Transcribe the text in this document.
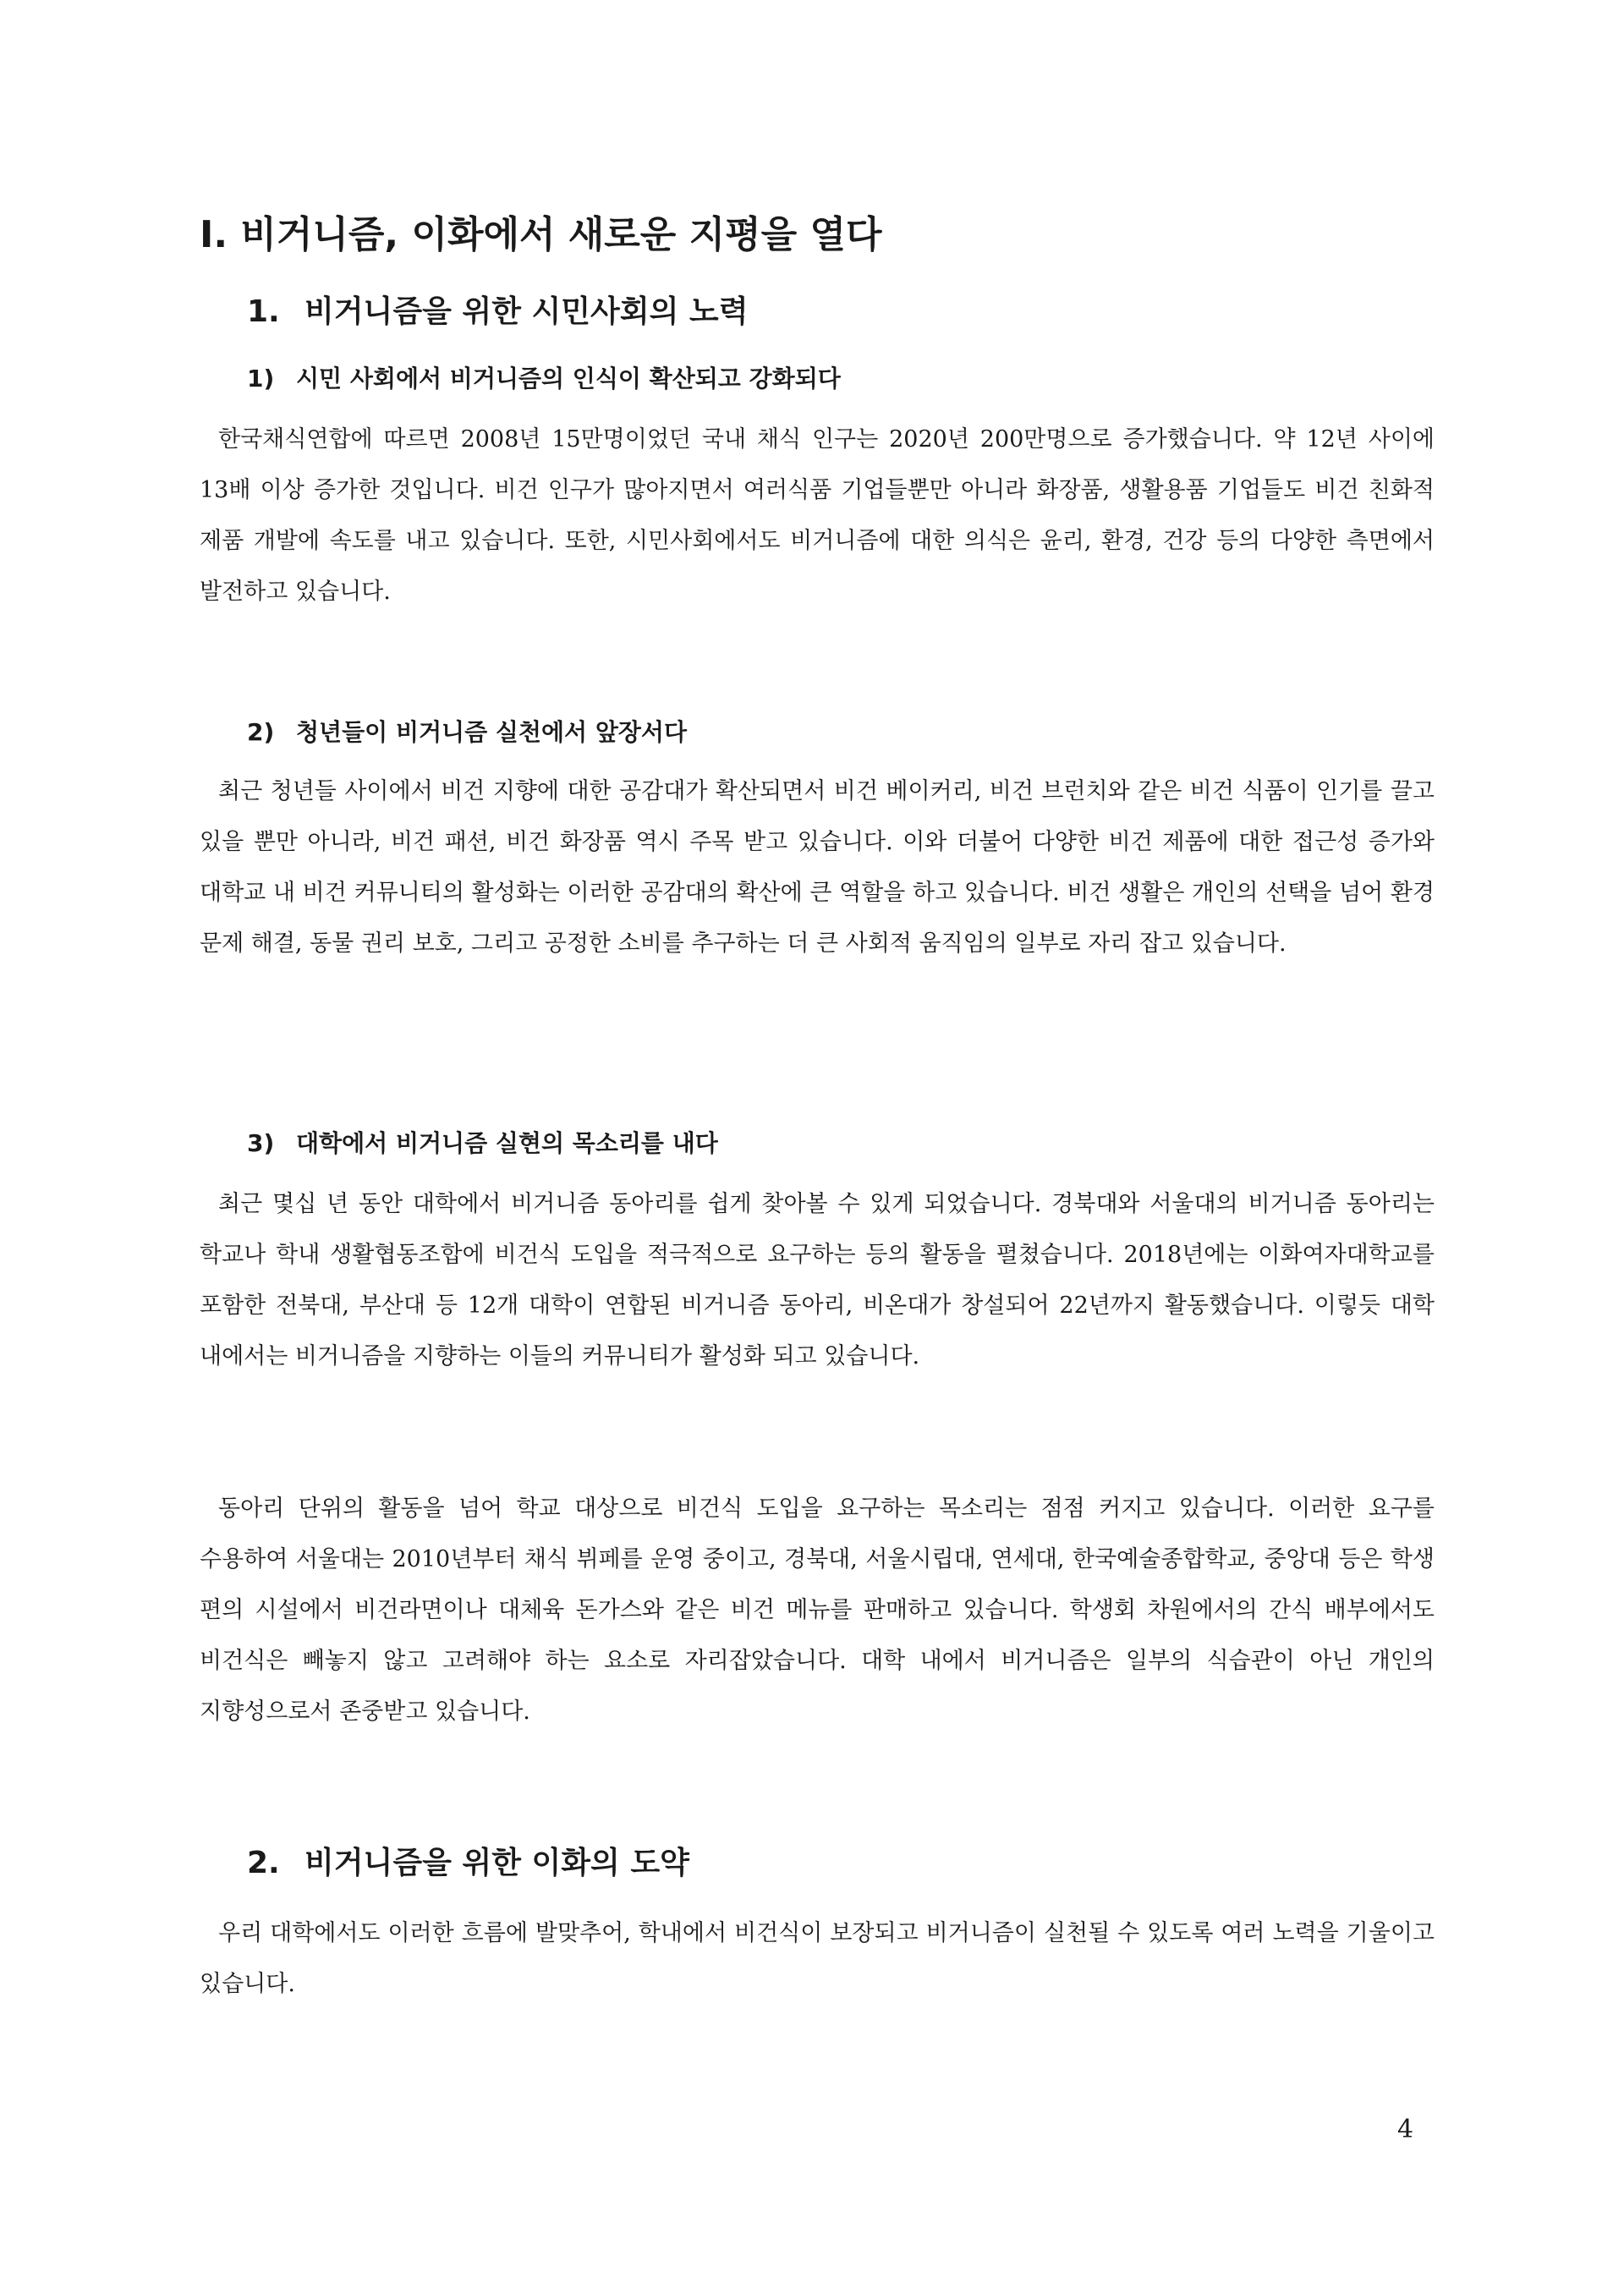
I. 비거니즘, 이화에서 새로운 지평을 열다
1. 비거니즘을 위한 시민사회의 노력
1) 시민 사회에서 비거니즘의 인식이 확산되고 강화되다

한국채식연합에 따르면 2008년 15만명이었던 국내 채식 인구는 2020년 200만명으로 증가했습니다. 약 12년 사이에 13배 이상 증가한 것입니다. 비건 인구가 많아지면서 여러식품 기업들뿐만 아니라 화장품, 생활용품 기업들도 비건 친화적 제품 개발에 속도를 내고 있습니다. 또한, 시민사회에서도 비거니즘에 대한 의식은 윤리, 환경, 건강 등의 다양한 측면에서 발전하고 있습니다.

2) 청년들이 비거니즘 실천에서 앞장서다

최근 청년들 사이에서 비건 지향에 대한 공감대가 확산되면서 비건 베이커리, 비건 브런치와 같은 비건 식품이 인기를 끌고 있을 뿐만 아니라, 비건 패션, 비건 화장품 역시 주목 받고 있습니다. 이와 더불어 다양한 비건 제품에 대한 접근성 증가와 대학교 내 비건 커뮤니티의 활성화는 이러한 공감대의 확산에 큰 역할을 하고 있습니다. 비건 생활은 개인의 선택을 넘어 환경 문제 해결, 동물 권리 보호, 그리고 공정한 소비를 추구하는 더 큰 사회적 움직임의 일부로 자리 잡고 있습니다.

3) 대학에서 비거니즘 실현의 목소리를 내다

최근 몇십 년 동안 대학에서 비거니즘 동아리를 쉽게 찾아볼 수 있게 되었습니다. 경북대와 서울대의 비거니즘 동아리는 학교나 학내 생활협동조합에 비건식 도입을 적극적으로 요구하는 등의 활동을 펼쳤습니다. 2018년에는 이화여자대학교를 포함한 전북대, 부산대 등 12개 대학이 연합된 비거니즘 동아리, 비온대가 창설되어 22년까지 활동했습니다. 이렇듯 대학 내에서는 비거니즘을 지향하는 이들의 커뮤니티가 활성화 되고 있습니다.

동아리 단위의 활동을 넘어 학교 대상으로 비건식 도입을 요구하는 목소리는 점점 커지고 있습니다. 이러한 요구를 수용하여 서울대는 2010년부터 채식 뷔페를 운영 중이고, 경북대, 서울시립대, 연세대, 한국예술종합학교, 중앙대 등은 학생 편의 시설에서 비건라면이나 대체육 돈가스와 같은 비건 메뉴를 판매하고 있습니다. 학생회 차원에서의 간식 배부에서도 비건식은 빼놓지 않고 고려해야 하는 요소로 자리잡았습니다. 대학 내에서 비거니즘은 일부의 식습관이 아닌 개인의 지향성으로서 존중받고 있습니다.

2. 비거니즘을 위한 이화의 도약

우리 대학에서도 이러한 흐름에 발맞추어, 학내에서 비건식이 보장되고 비거니즘이 실천될 수 있도록 여러 노력을 기울이고 있습니다.

4
